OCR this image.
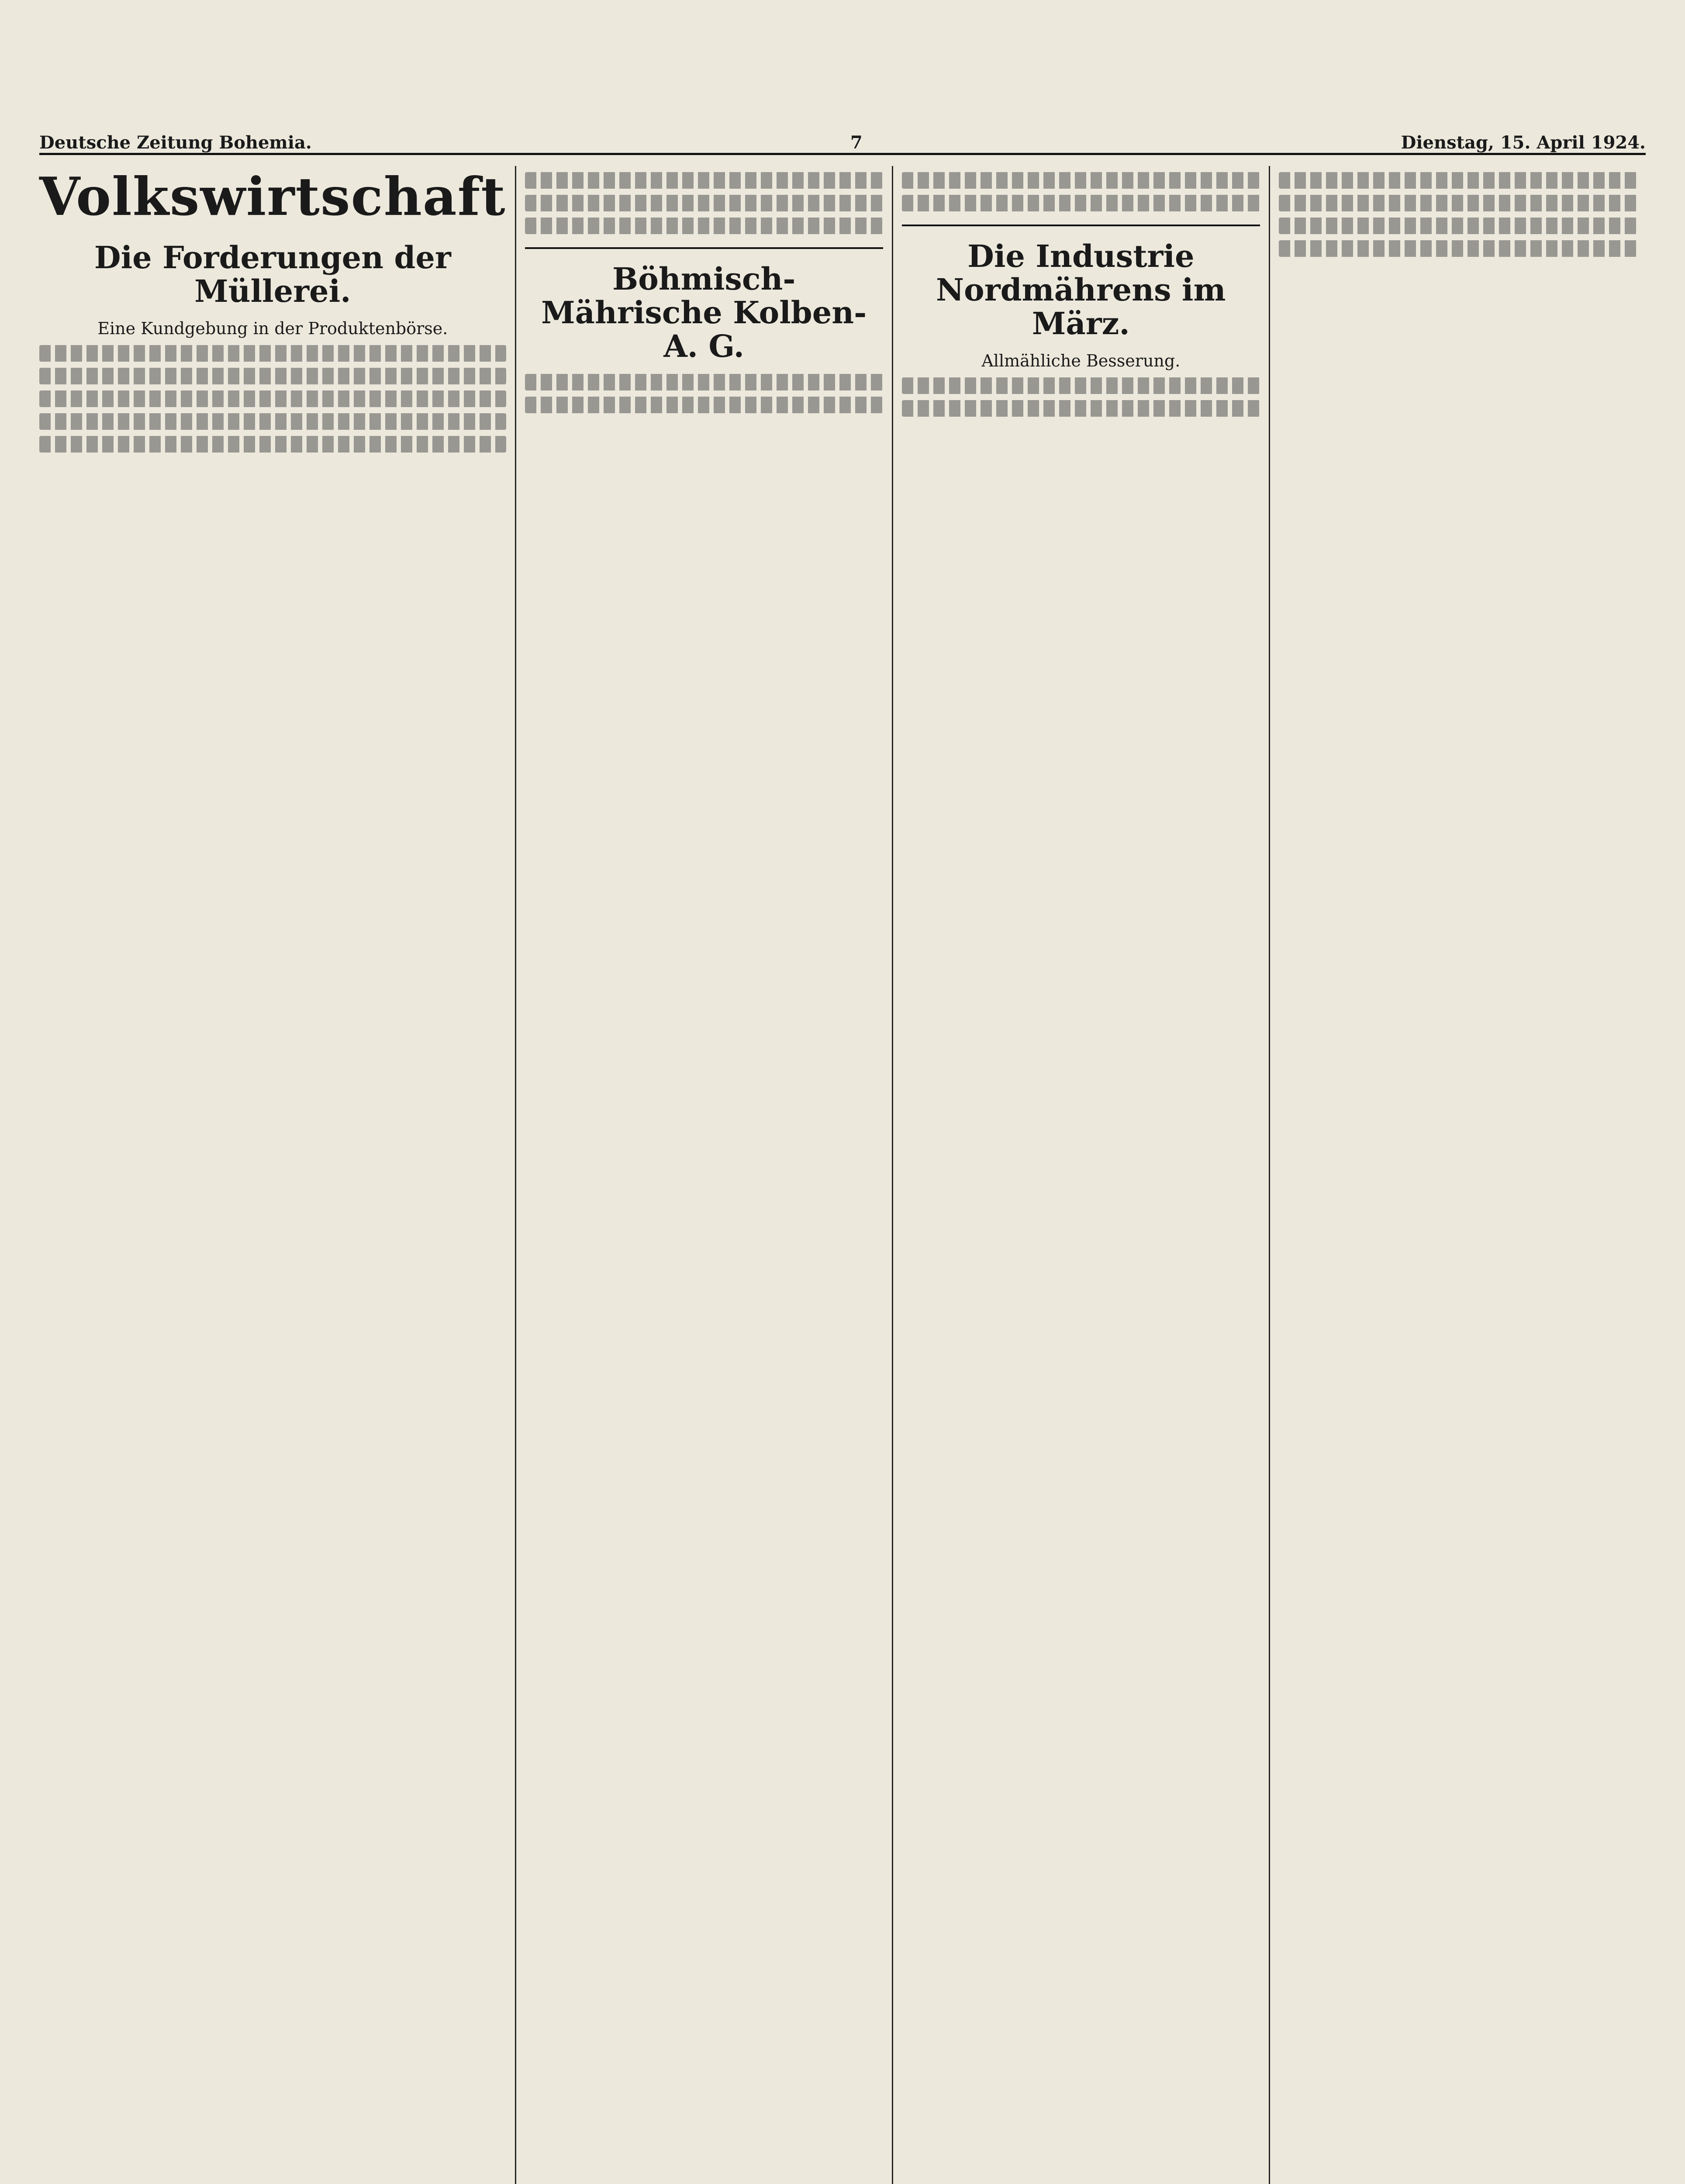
Deutsche Zeitung Bohemia.	7	Dienstag, 15. April 1924.
Volkswirtschaft
Die Forderungen der Müllerei.
Eine Kundgebung in der Produktenbörse.
Böhmisch-Mährische Kolben-A. G.
Die Industrie Nordmährens im März.
Allmähliche Besserung.
